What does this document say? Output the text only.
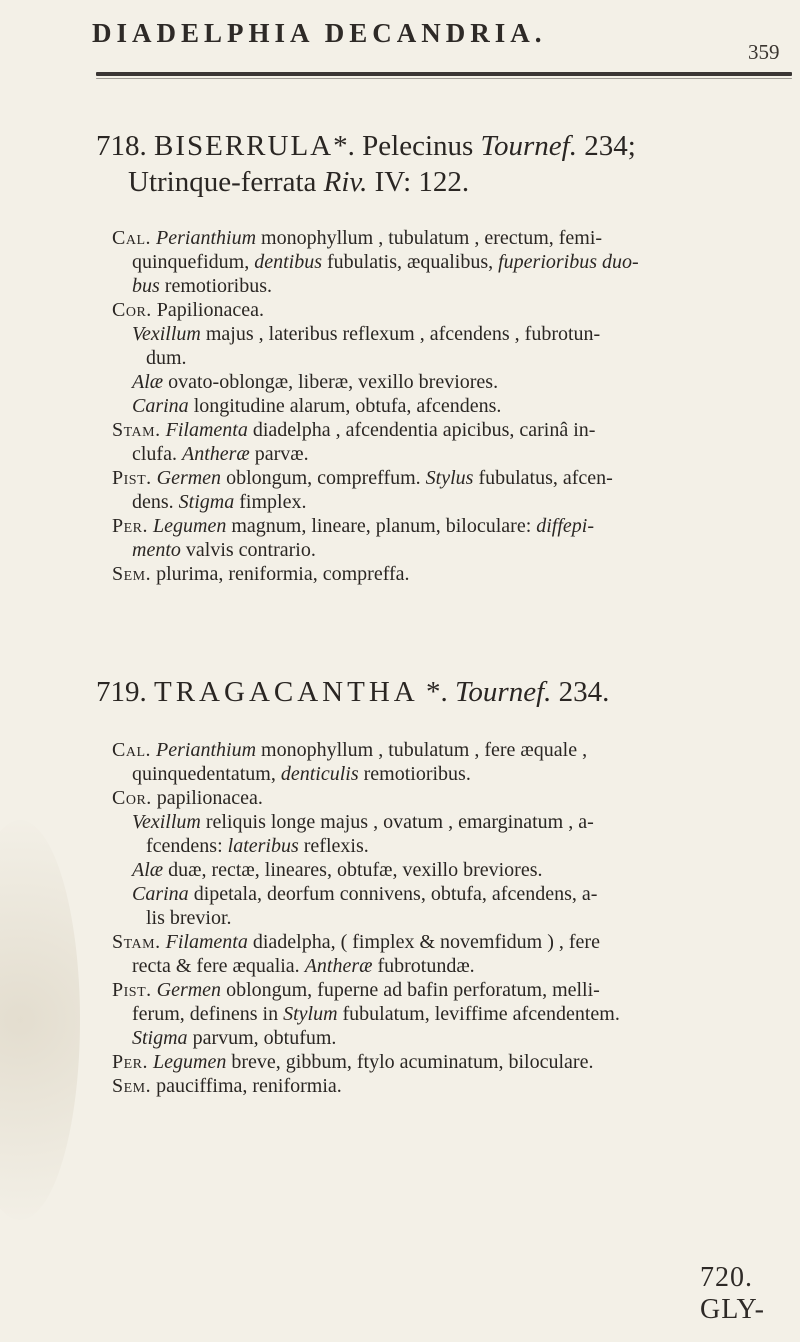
DIADELPHIA DECANDRIA.
359
718. BISERRULA*. Pelecinus Tournef. 234;
Utrinque-ferrata Riv. IV: 122.
Cal. Perianthium monophyllum , tubulatum , erectum, femi-
quinquefidum, dentibus fubulatis, æqualibus, fuperioribus duo-
bus remotioribus.
Cor. Papilionacea.
Vexillum majus , lateribus reflexum , afcendens , fubrotun-
dum.
Alæ ovato-oblongæ, liberæ, vexillo breviores.
Carina longitudine alarum, obtufa, afcendens.
Stam. Filamenta diadelpha , afcendentia apicibus, carinâ in-
clufa. Antheræ parvæ.
Pist. Germen oblongum, compreffum. Stylus fubulatus, afcen-
dens. Stigma fimplex.
Per. Legumen magnum, lineare, planum, biloculare: diffepi-
mento valvis contrario.
Sem. plurima, reniformia, compreffa.
719. TRAGACANTHA *. Tournef. 234.
Cal. Perianthium monophyllum , tubulatum , fere æquale ,
quinquedentatum, denticulis remotioribus.
Cor. papilionacea.
Vexillum reliquis longe majus , ovatum , emarginatum , a-
fcendens: lateribus reflexis.
Alæ duæ, rectæ, lineares, obtufæ, vexillo breviores.
Carina dipetala, deorfum connivens, obtufa, afcendens, a-
lis brevior.
Stam. Filamenta diadelpha, ( fimplex & novemfidum ) , fere
recta & fere æqualia. Antheræ fubrotundæ.
Pist. Germen oblongum, fuperne ad bafin perforatum, melli-
ferum, definens in Stylum fubulatum, leviffime afcendentem.
Stigma parvum, obtufum.
Per. Legumen breve, gibbum, ftylo acuminatum, biloculare.
Sem. pauciffima, reniformia.
720. GLY-
